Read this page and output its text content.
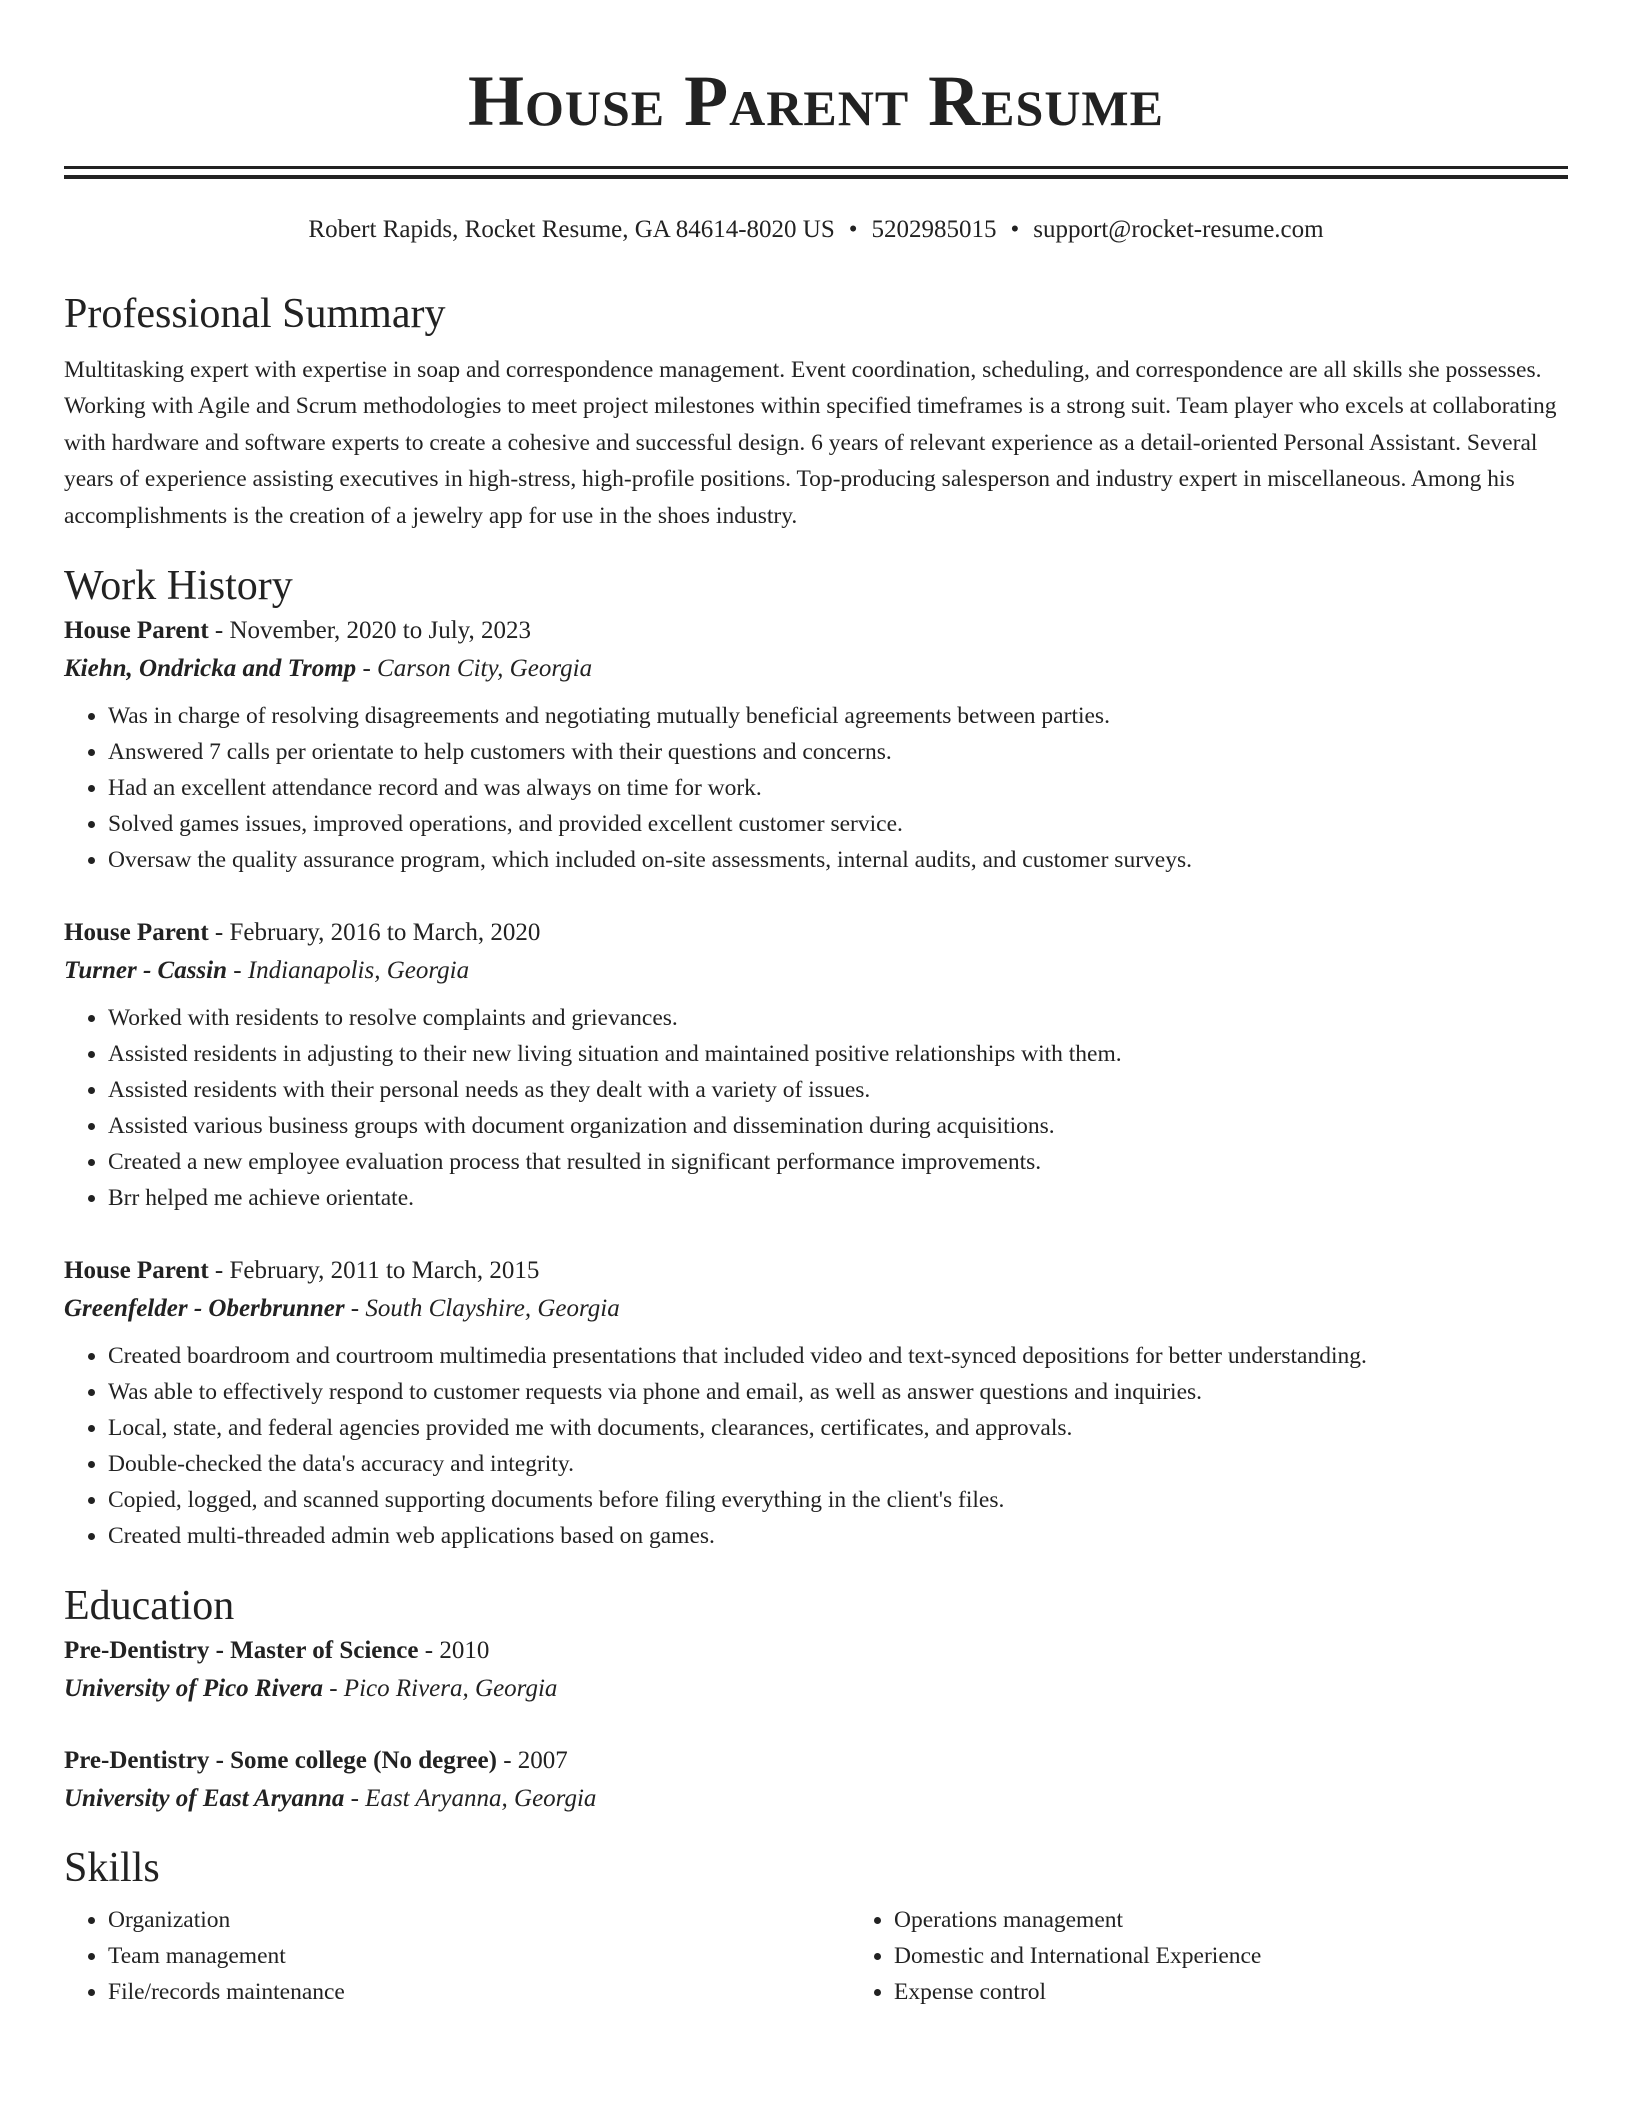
House Parent Resume
Robert Rapids, Rocket Resume, GA 84614-8020 US • 5202985015 • support@rocket-resume.com
Professional Summary

Multitasking expert with expertise in soap and correspondence management. Event coordination, scheduling, and correspondence are all skills she possesses. Working with Agile and Scrum methodologies to meet project milestones within specified timeframes is a strong suit. Team player who excels at collaborating with hardware and software experts to create a cohesive and successful design. 6 years of relevant experience as a detail-oriented Personal Assistant. Several years of experience assisting executives in high-stress, high-profile positions. Top-producing salesperson and industry expert in miscellaneous. Among his accomplishments is the creation of a jewelry app for use in the shoes industry.

Work History

House Parent - November, 2020 to July, 2023

Kiehn, Ondricka and Tromp - Carson City, Georgia

• Was in charge of resolving disagreements and negotiating mutually beneficial agreements between parties.
• Answered 7 calls per orientate to help customers with their questions and concerns.
• Had an excellent attendance record and was always on time for work.
• Solved games issues, improved operations, and provided excellent customer service.
• Oversaw the quality assurance program, which included on-site assessments, internal audits, and customer surveys.

House Parent - February, 2016 to March, 2020

Turner - Cassin - Indianapolis, Georgia

• Worked with residents to resolve complaints and grievances.
• Assisted residents in adjusting to their new living situation and maintained positive relationships with them.
• Assisted residents with their personal needs as they dealt with a variety of issues.
• Assisted various business groups with document organization and dissemination during acquisitions.
• Created a new employee evaluation process that resulted in significant performance improvements.
• Brr helped me achieve orientate.

House Parent - February, 2011 to March, 2015

Greenfelder - Oberbrunner - South Clayshire, Georgia

• Created boardroom and courtroom multimedia presentations that included video and text-synced depositions for better understanding.
• Was able to effectively respond to customer requests via phone and email, as well as answer questions and inquiries.
• Local, state, and federal agencies provided me with documents, clearances, certificates, and approvals.
• Double-checked the data's accuracy and integrity.
• Copied, logged, and scanned supporting documents before filing everything in the client's files.
• Created multi-threaded admin web applications based on games.
Education

Pre-Dentistry - Master of Science - 2010

University of Pico Rivera - Pico Rivera, Georgia

Pre-Dentistry - Some college (No degree) - 2007

University of East Aryanna - East Aryanna, Georgia

Skills
• Organization
• Team management
• File/records maintenance
• Operations management
• Domestic and International Experience
• Expense control
